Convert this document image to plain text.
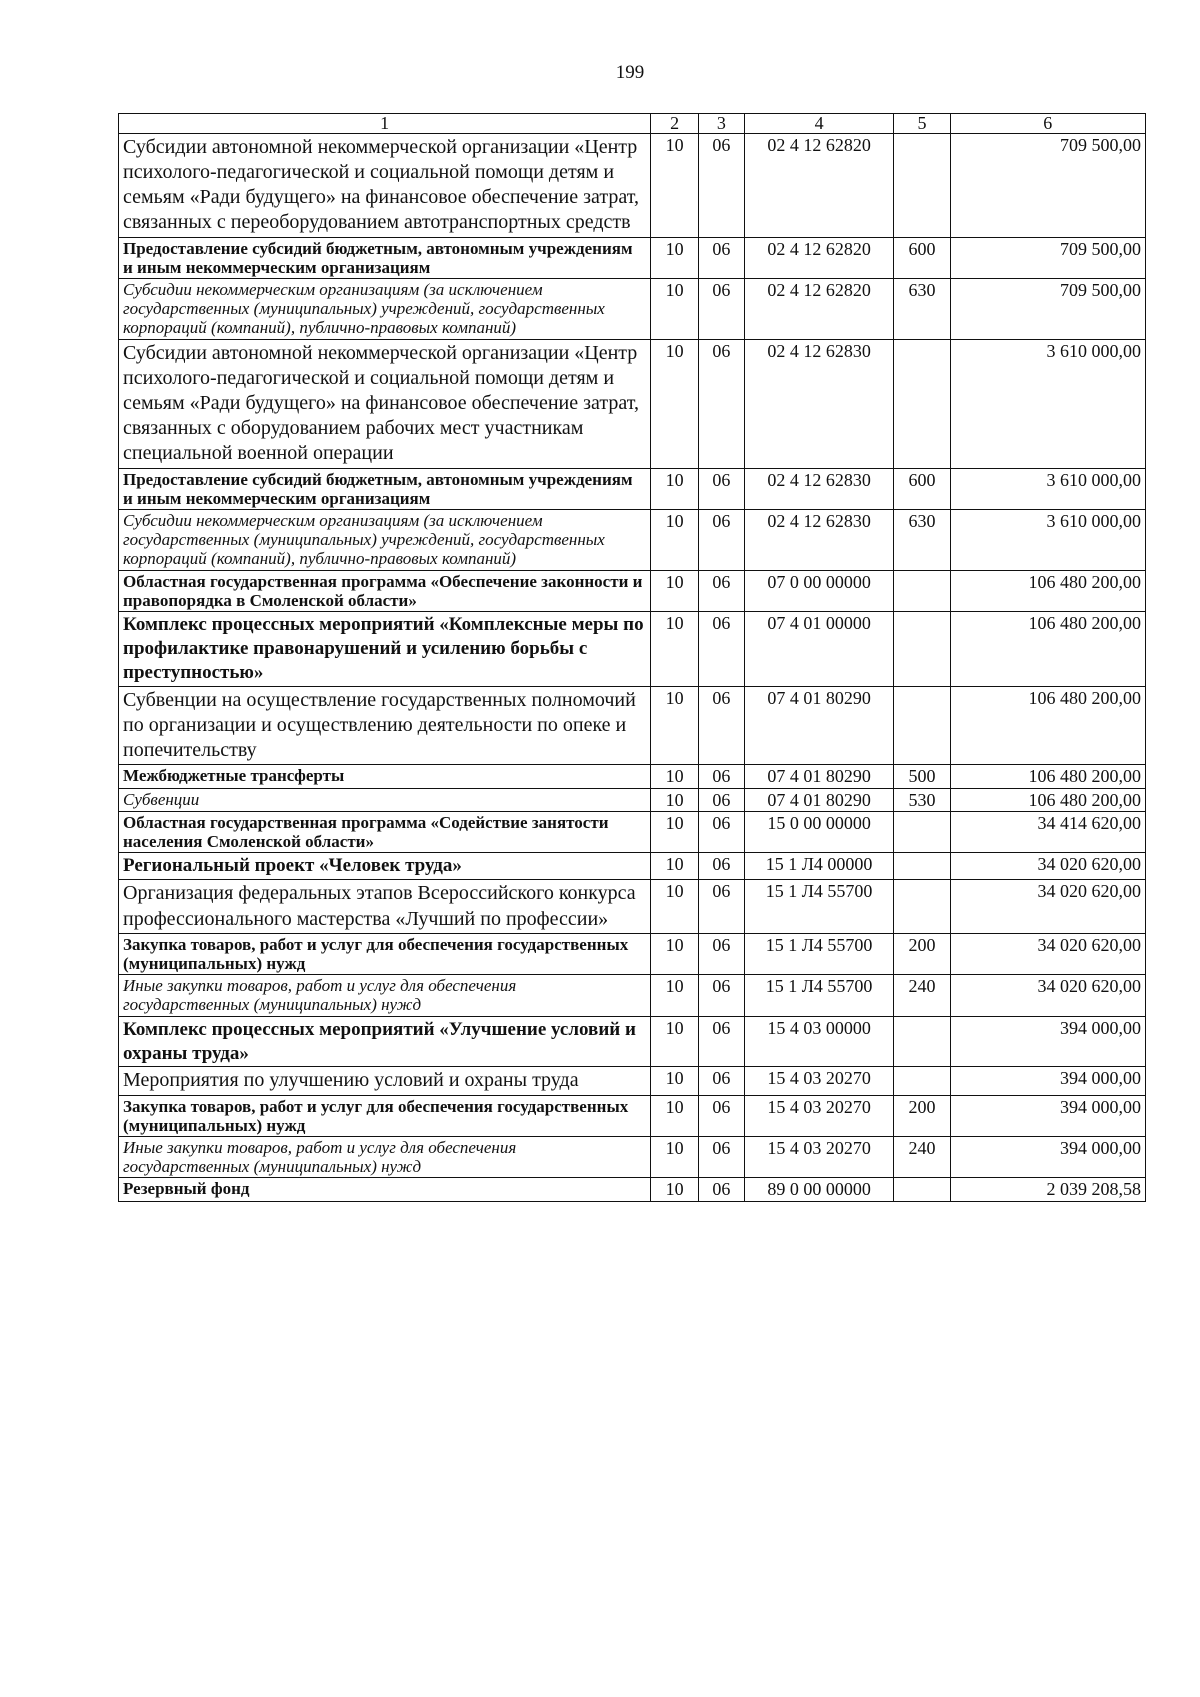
199
1	2	3	4	5	6
Субсидии автономной некоммерческой организации «Центр психолого-педагогической и социальной помощи детям и семьям «Ради будущего» на финансовое обеспечение затрат, связанных с переоборудованием автотранспортных средств	10	06	02 4 12 62820		709 500,00
Предоставление субсидий бюджетным, автономным учреждениям и иным некоммерческим организациям	10	06	02 4 12 62820	600	709 500,00
Субсидии некоммерческим организациям (за исключением государственных (муниципальных) учреждений, государственных корпораций (компаний), публично-правовых компаний)	10	06	02 4 12 62820	630	709 500,00
Субсидии автономной некоммерческой организации «Центр психолого-педагогической и социальной помощи детям и семьям «Ради будущего» на финансовое обеспечение затрат, связанных с оборудованием рабочих мест участникам специальной военной операции	10	06	02 4 12 62830		3 610 000,00
Предоставление субсидий бюджетным, автономным учреждениям и иным некоммерческим организациям	10	06	02 4 12 62830	600	3 610 000,00
Субсидии некоммерческим организациям (за исключением государственных (муниципальных) учреждений, государственных корпораций (компаний), публично-правовых компаний)	10	06	02 4 12 62830	630	3 610 000,00
Областная государственная программа «Обеспечение законности и правопорядка в Смоленской области»	10	06	07 0 00 00000		106 480 200,00
Комплекс процессных мероприятий «Комплексные меры по профилактике правонарушений и усилению борьбы с преступностью»	10	06	07 4 01 00000		106 480 200,00
Субвенции на осуществление государственных полномочий по организации и осуществлению деятельности по опеке и попечительству	10	06	07 4 01 80290		106 480 200,00
Межбюджетные трансферты	10	06	07 4 01 80290	500	106 480 200,00
Субвенции	10	06	07 4 01 80290	530	106 480 200,00
Областная государственная программа «Содействие занятости населения Смоленской области»	10	06	15 0 00 00000		34 414 620,00
Региональный проект «Человек труда»	10	06	15 1 Л4 00000		34 020 620,00
Организация федеральных этапов Всероссийского конкурса профессионального мастерства «Лучший по профессии»	10	06	15 1 Л4 55700		34 020 620,00
Закупка товаров, работ и услуг для обеспечения государственных (муниципальных) нужд	10	06	15 1 Л4 55700	200	34 020 620,00
Иные закупки товаров, работ и услуг для обеспечения государственных (муниципальных) нужд	10	06	15 1 Л4 55700	240	34 020 620,00
Комплекс процессных мероприятий «Улучшение условий и охраны труда»	10	06	15 4 03 00000		394 000,00
Мероприятия по улучшению условий и охраны труда	10	06	15 4 03 20270		394 000,00
Закупка товаров, работ и услуг для обеспечения государственных (муниципальных) нужд	10	06	15 4 03 20270	200	394 000,00
Иные закупки товаров, работ и услуг для обеспечения государственных (муниципальных) нужд	10	06	15 4 03 20270	240	394 000,00
Резервный фонд	10	06	89 0 00 00000		2 039 208,58
